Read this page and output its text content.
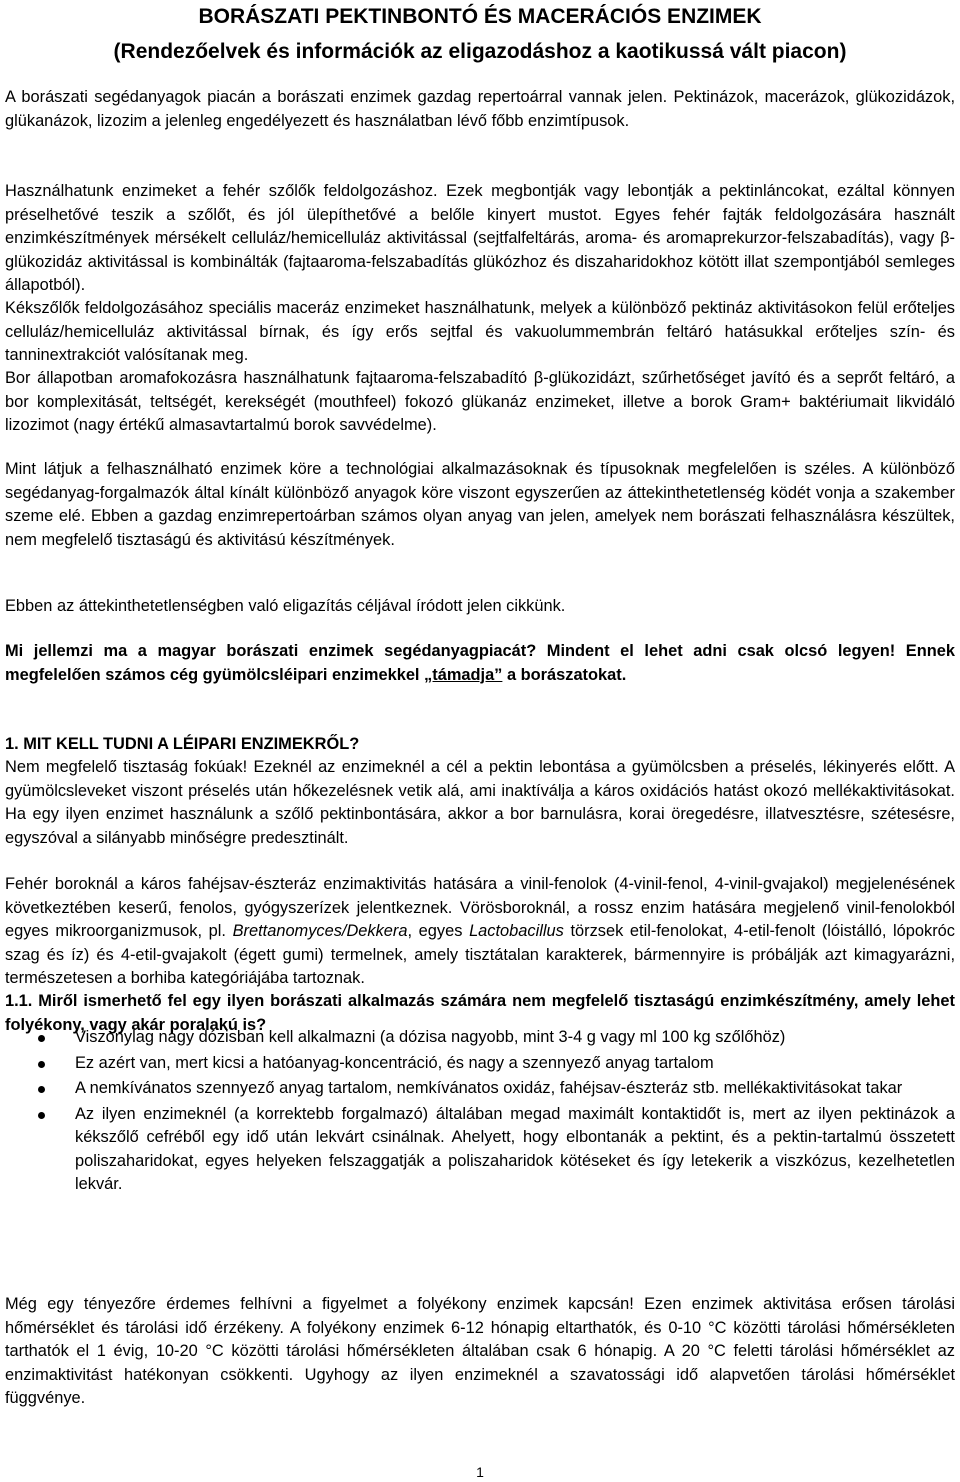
BORÁSZATI PEKTINBONTÓ ÉS MACERÁCIÓS ENZIMEK
(Rendezőelvek és információk az eligazodáshoz a kaotikussá vált piacon)

A borászati segédanyagok piacán a borászati enzimek gazdag repertoárral vannak jelen. Pektinázok, macerázok, glükozidázok, glükanázok, lizozim a jelenleg engedélyezett és használatban lévő főbb enzimtípusok.

Használhatunk enzimeket a fehér szőlők feldolgozáshoz. Ezek megbontják vagy lebontják a pektinláncokat, ezáltal könnyen préselhetővé teszik a szőlőt, és jól ülepíthetővé a belőle kinyert mustot. Egyes fehér fajták feldolgozására használt enzimkészítmények mérsékelt celluláz/hemicelluláz aktivitással (sejtfalfeltárás, aroma- és aromaprekurzor-felszabadítás), vagy β-glükozidáz aktivitással is kombinálták (fajtaaroma-felszabadítás glükózhoz és diszaharidokhoz kötött illat szempontjából semleges állapotból).

Kékszőlők feldolgozásához speciális maceráz enzimeket használhatunk, melyek a különböző pektináz aktivitásokon felül erőteljes celluláz/hemicelluláz aktivitással bírnak, és így erős sejtfal és vakuolummembrán feltáró hatásukkal erőteljes szín- és tanninextrakciót valósítanak meg.

Bor állapotban aromafokozásra használhatunk fajtaaroma-felszabadító β-glükozidázt, szűrhetőséget javító és a seprőt feltáró, a bor komplexitását, teltségét, kerekségét (mouthfeel) fokozó glükanáz enzimeket, illetve a borok Gram+ baktériumait likvidáló lizozimot (nagy értékű almasavtartalmú borok savvédelme).

Mint látjuk a felhasználható enzimek köre a technológiai alkalmazásoknak és típusoknak megfelelően is széles. A különböző segédanyag-forgalmazók által kínált különböző anyagok köre viszont egyszerűen az áttekinthetetlenség ködét vonja a szakember szeme elé. Ebben a gazdag enzimrepertoárban számos olyan anyag van jelen, amelyek nem borászati felhasználásra készültek, nem megfelelő tisztaságú és aktivitású készítmények.

Ebben az áttekinthetetlenségben való eligazítás céljával íródott jelen cikkünk.

Mi jellemzi ma a magyar borászati enzimek segédanyagpiacát? Mindent el lehet adni csak olcsó legyen! Ennek megfelelően számos cég gyümölcsléipari enzimekkel „támadja” a borászatokat.

1. MIT KELL TUDNI A LÉIPARI ENZIMEKRŐL?

Nem megfelelő tisztaság fokúak! Ezeknél az enzimeknél a cél a pektin lebontása a gyümölcsben a préselés, lékinyerés előtt. A gyümölcsleveket viszont préselés után hőkezelésnek vetik alá, ami inaktíválja a káros oxidációs hatást okozó mellékaktivitásokat. Ha egy ilyen enzimet használunk a szőlő pektinbontására, akkor a bor barnulásra, korai öregedésre, illatvesztésre, szétesésre, egyszóval a silányabb minőségre predesztinált.

Fehér boroknál a káros fahéjsav-észteráz enzimaktivitás hatására a vinil-fenolok (4-vinil-fenol, 4-vinil-gvajakol) megjelenésének következtében keserű, fenolos, gyógyszerízek jelentkeznek. Vörösboroknál, a rossz enzim hatására megjelenő vinil-fenolokból egyes mikroorganizmusok, pl. Brettanomyces/Dekkera, egyes Lactobacillus törzsek etil-fenolokat, 4-etil-fenolt (lóistálló, lópokróc szag és íz) és 4-etil-gvajakolt (égett gumi) termelnek, amely tisztátalan karakterek, bármennyire is próbálják azt kimagyarázni, természetesen a borhiba kategóriájába tartoznak.

1.1. Miről ismerhető fel egy ilyen borászati alkalmazás számára nem megfelelő tisztaságú enzimkészítmény, amely lehet folyékony, vagy akár poralakú is?
Viszonylag nagy dózisban kell alkalmazni (a dózisa nagyobb, mint 3-4 g vagy ml 100 kg szőlőhöz)
Ez azért van, mert kicsi a hatóanyag-koncentráció, és nagy a szennyező anyag tartalom
A nemkívánatos szennyező anyag tartalom, nemkívánatos oxidáz, fahéjsav-észteráz stb. mellékaktivitásokat takar
Az ilyen enzimeknél (a korrektebb forgalmazó) általában megad maximált kontaktidőt is, mert az ilyen pektinázok a kékszőlő cefréből egy idő után lekvárt csinálnak. Ahelyett, hogy elbontanák a pektint, és a pektin-tartalmú összetett poliszaharidokat, egyes helyeken felszaggatják a poliszaharidok kötéseket és így letekerik a viszkózus, kezelhetetlen lekvár.

Még egy tényezőre érdemes felhívni a figyelmet a folyékony enzimek kapcsán! Ezen enzimek aktivitása erősen tárolási hőmérséklet és tárolási idő érzékeny. A folyékony enzimek 6-12 hónapig eltarthatók, és 0-10 °C közötti tárolási hőmérsékleten tarthatók el 1 évig, 10-20 °C közötti tárolási hőmérsékleten általában csak 6 hónapig. A 20 °C feletti tárolási hőmérséklet az enzimaktivitást hatékonyan csökkenti. Ugyhogy az ilyen enzimeknél a szavatossági idő alapvetően tárolási hőmérséklet függvénye.

1
